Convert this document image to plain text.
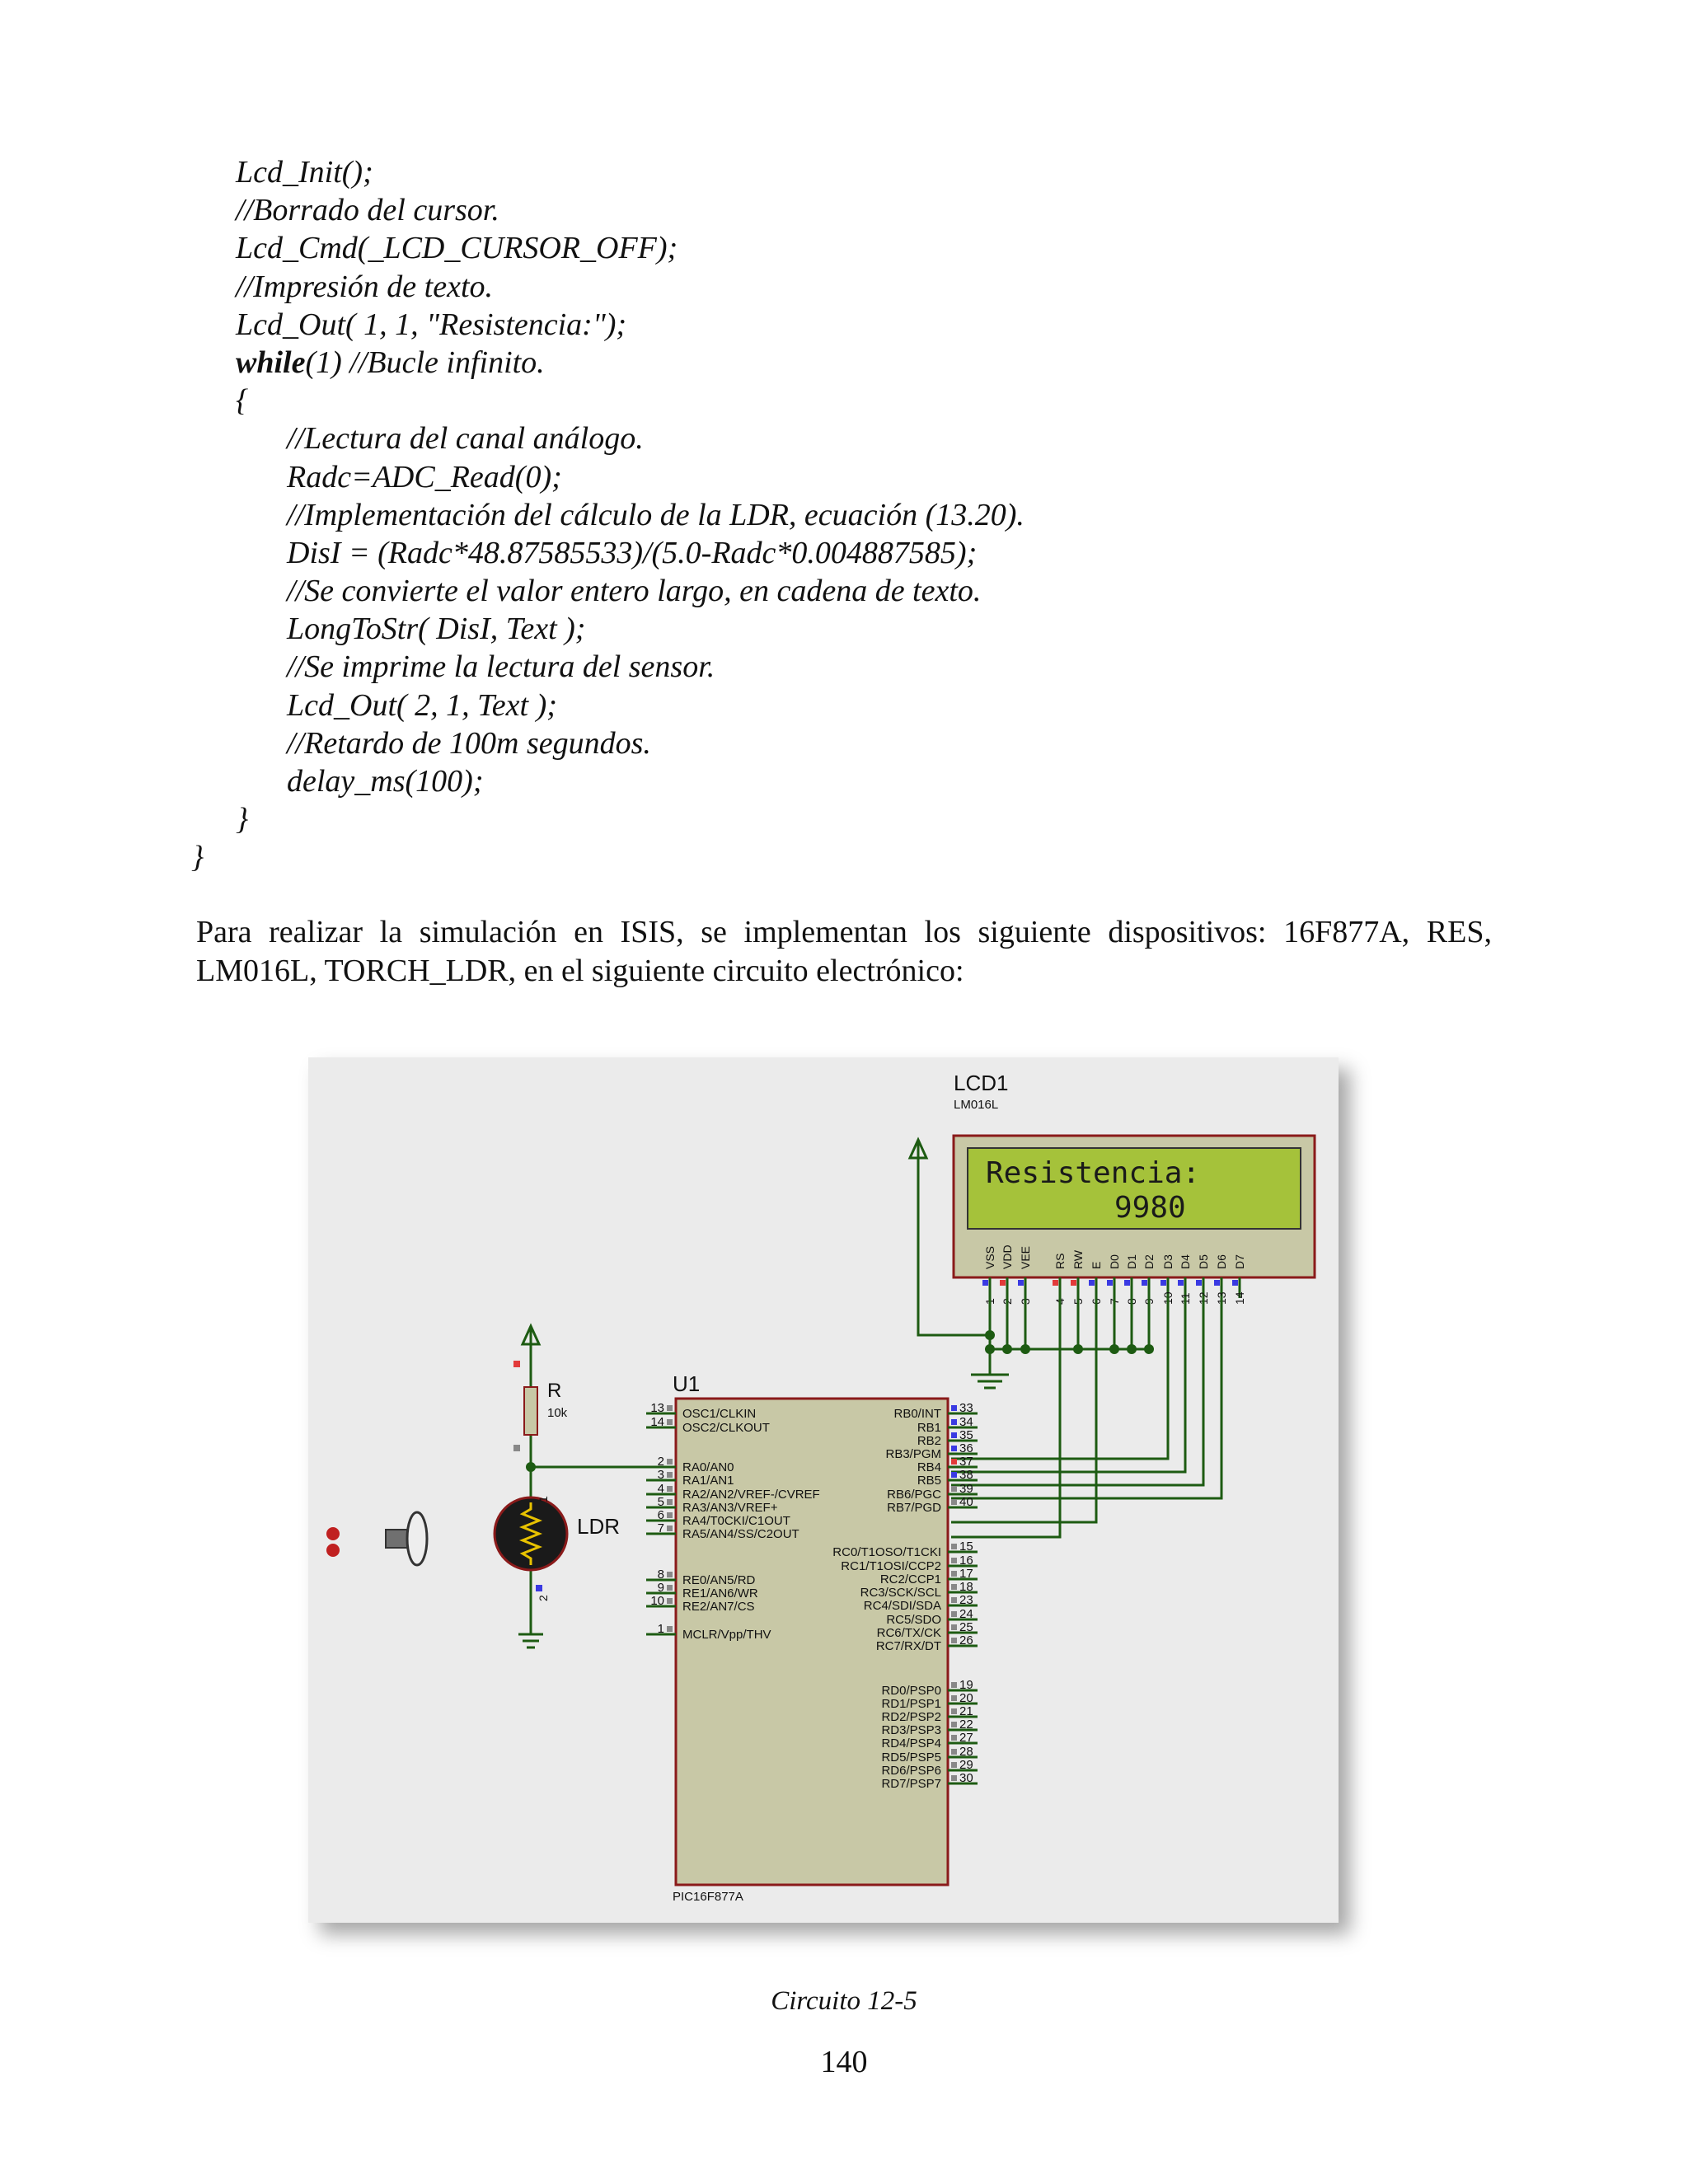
Lcd_Init();
//Borrado del cursor.
Lcd_Cmd(_LCD_CURSOR_OFF);
//Impresión de texto.
Lcd_Out( 1, 1, "Resistencia:");
while(1) //Bucle infinito.
{
//Lectura del canal análogo.
Radc=ADC_Read(0);
//Implementación del cálculo de la LDR, ecuación (13.20).
DisI = (Radc*48.87585533)/(5.0-Radc*0.004887585);
//Se convierte el valor entero largo, en cadena de texto.
LongToStr( DisI, Text );
//Se imprime la lectura del sensor.
Lcd_Out( 2, 1, Text );
//Retardo de 100m segundos.
delay_ms(100);
}
}
Para realizar la simulación en ISIS, se implementan los siguiente dispositivos: 16F877A, RES,
LM016L, TORCH_LDR, en el siguiente circuito electrónico:
LCD1
LM016L
Resistencia:
9980
VSS
1
VDD
2
VEE
3
RS
4
RW
5
E
6
D0
7
D1
8
D2
9
D3
10
D4
11
D5
12
D6
13
D7
14
U1
PIC16F877A
13 OSC1/CLKIN
14 OSC2/CLKOUT
2 RA0/AN0
3 RA1/AN1
4 RA2/AN2/VREF-/CVREF
5 RA3/AN3/VREF+
6 RA4/T0CKI/C1OUT
7 RA5/AN4/SS/C2OUT
8 RE0/AN5/RD
9 RE1/AN6/WR
10 RE2/AN7/CS
1 MCLR/Vpp/THV
33
RB0/INT
34
RB1
35
RB2
36
RB3/PGM
37
RB4
38
RB5
39
RB6/PGC
40
RB7/PGD
15
RC0/T1OSO/T1CKI
16
RC1/T1OSI/CCP2
17
RC2/CCP1
18
RC3/SCK/SCL
23
RC4/SDI/SDA
24
RC5/SDO
25
RC6/TX/CK
26
RC7/RX/DT
19
RD0/PSP0
20
RD1/PSP1
21
RD2/PSP2
22
RD3/PSP3
27
RD4/PSP4
28
RD5/PSP5
29
RD6/PSP6
30
RD7/PSP7
R
10k
LDR
1
2
Circuito 12-5
140
